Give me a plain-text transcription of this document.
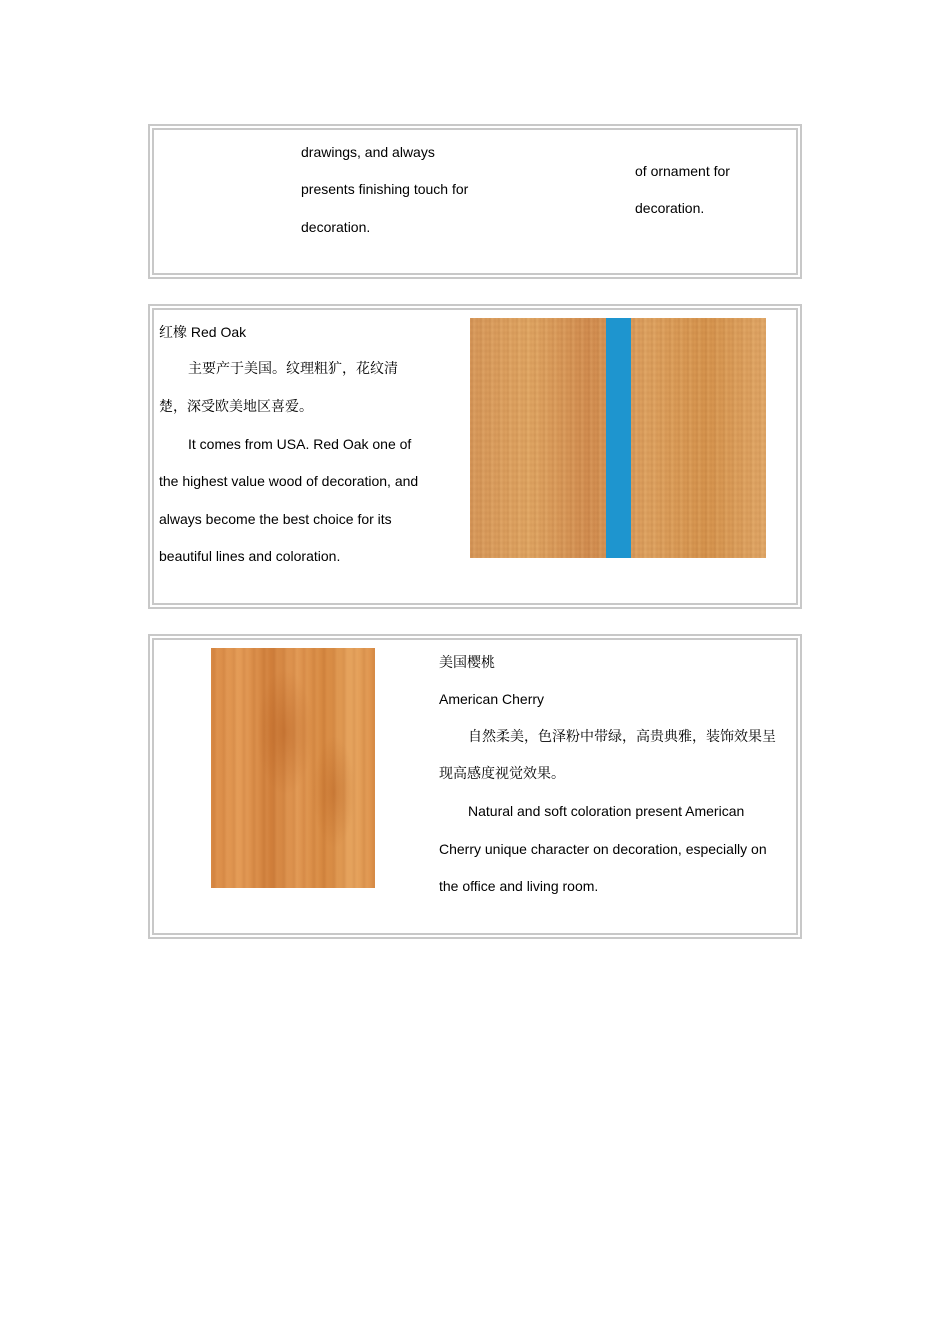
drawings, and always
presents finishing touch for
decoration.
of ornament for
decoration.
红橡 Red Oak
主要产于美国。纹理粗犷，花纹清
楚，深受欧美地区喜爱。
It comes from USA. Red Oak one of
the highest value wood of decoration, and
always become the best choice for its
beautiful lines and coloration.
美国樱桃
American Cherry
自然柔美，色泽粉中带绿，高贵典雅，装饰效果呈
现高感度视觉效果。
Natural and soft coloration present American
Cherry unique character on decoration, especially on
the office and living room.
